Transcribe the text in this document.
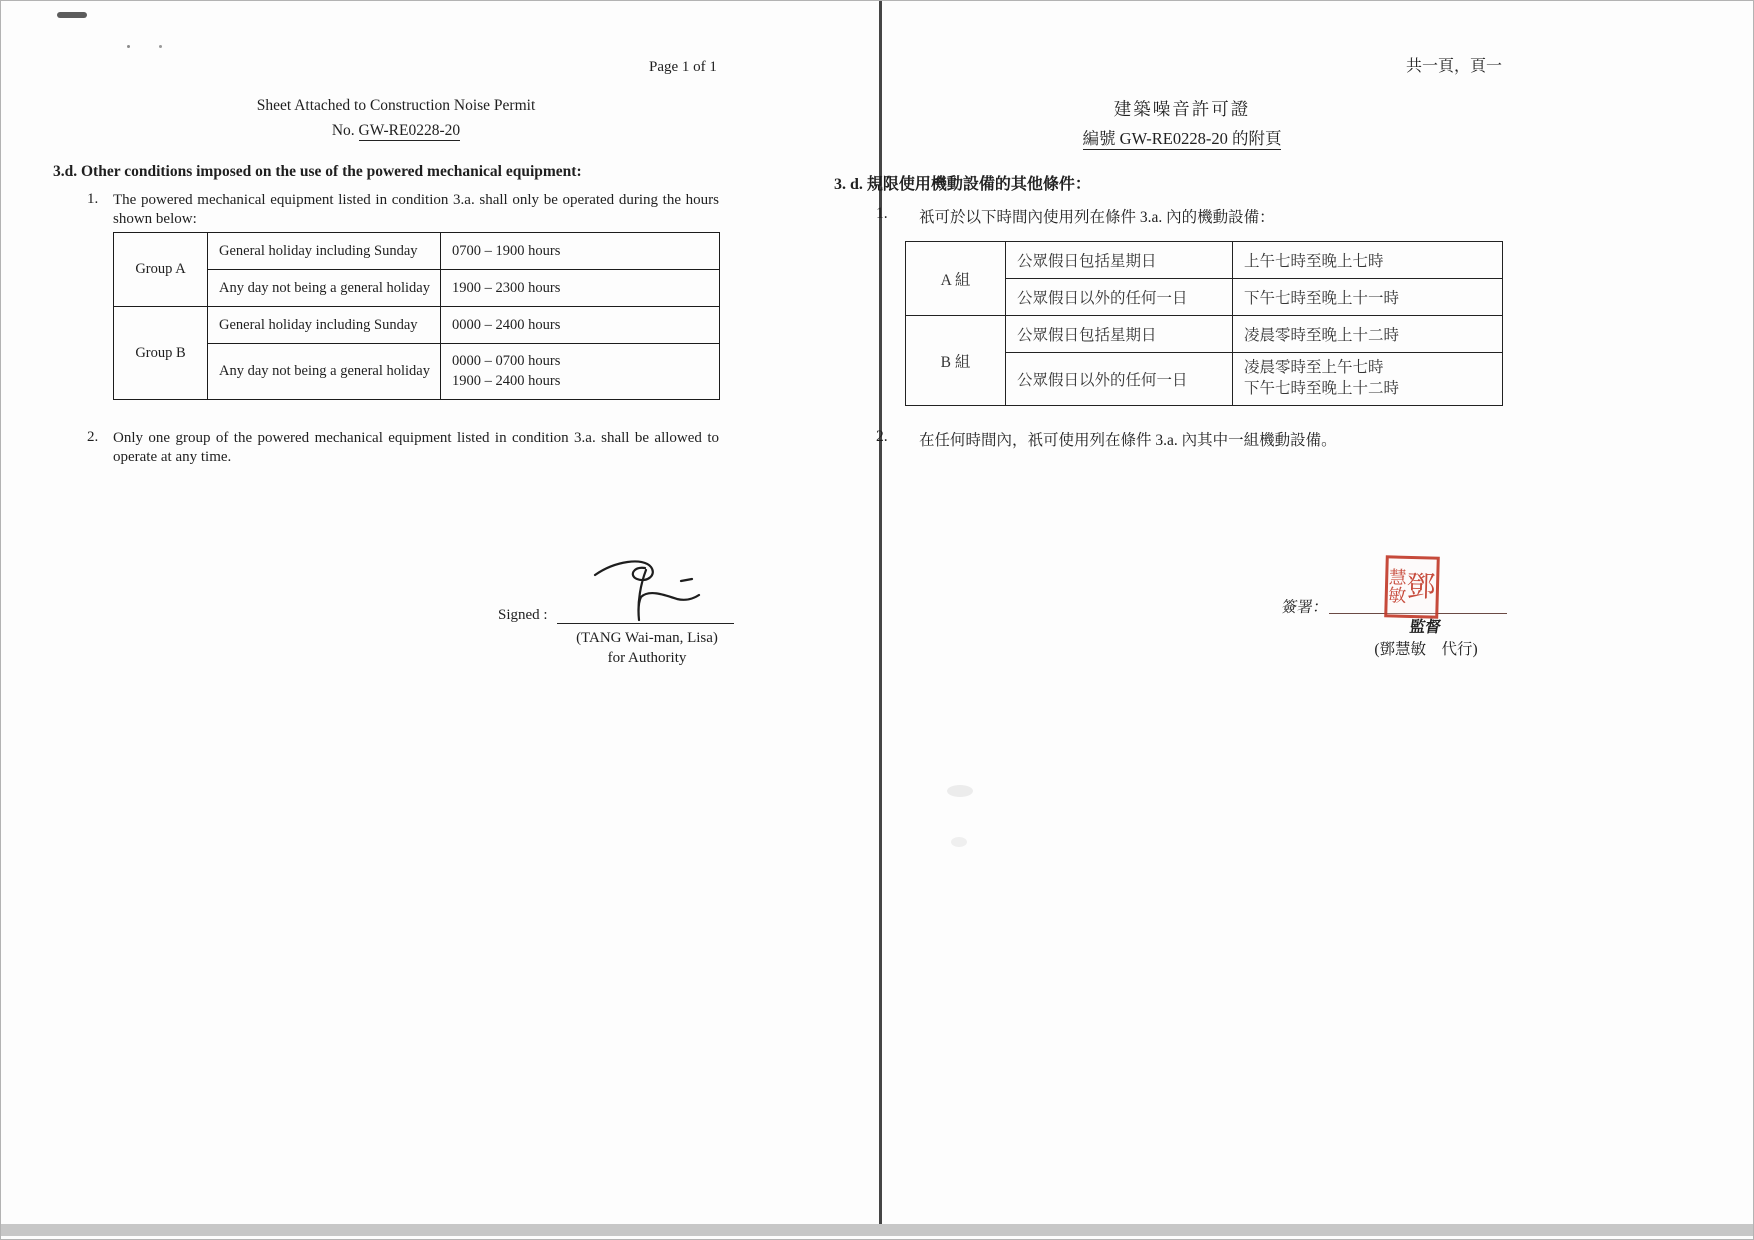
Page 1 of 1
Sheet Attached to Construction Noise Permit
No. GW-RE0228-20
3.d. Other conditions imposed on the use of the powered mechanical equipment:
1. The powered mechanical equipment listed in condition 3.a. shall only be operated during the hours shown below:
Group A	General holiday including Sunday	0700 – 1900 hours
	Any day not being a general holiday	1900 – 2300 hours
Group B	General holiday including Sunday	0000 – 2400 hours
	Any day not being a general holiday	0000 – 0700 hours
1900 – 2400 hours
2. Only one group of the powered mechanical equipment listed in condition 3.a. shall be allowed to operate at any time.
Signed :
(TANG Wai-man, Lisa)
for Authority
共一頁，頁一
建築噪音許可證
編號 GW-RE0228-20 的附頁
3. d. 規限使用機動設備的其他條件：
1. 祇可於以下時間內使用列在條件 3.a. 內的機動設備：
A 組	公眾假日包括星期日	上午七時至晚上七時
	公眾假日以外的任何一日	下午七時至晚上十一時
B 組	公眾假日包括星期日	凌晨零時至晚上十二時
	公眾假日以外的任何一日	凌晨零時至上午七時
下午七時至晚上十二時
2. 在任何時間內，祇可使用列在條件 3.a. 內其中一組機動設備。
簽署：
慧
敏 鄧
監督
(鄧慧敏　代行)
